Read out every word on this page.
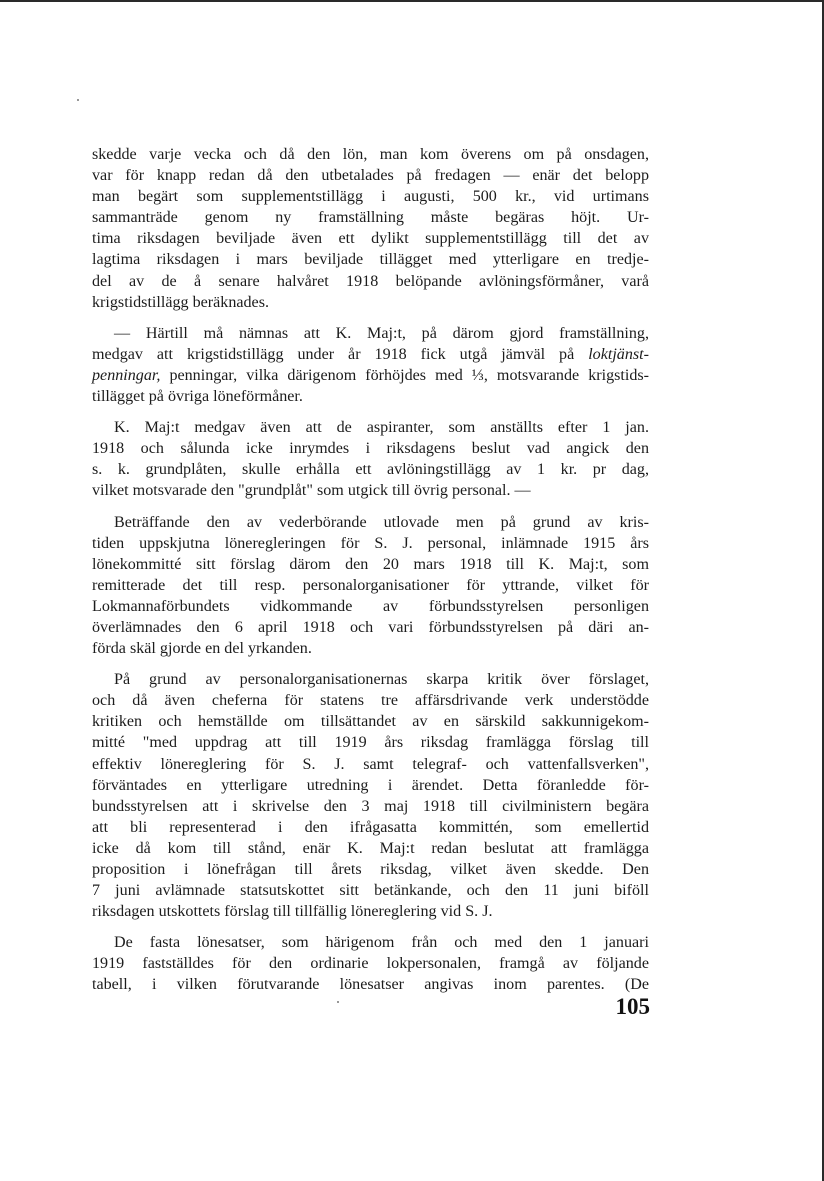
skedde varje vecka och då den lön, man kom överens om på onsdagen,
var för knapp redan då den utbetalades på fredagen — enär det belopp
man begärt som supplementstillägg i augusti, 500 kr., vid urtimans
sammanträde genom ny framställning måste begäras höjt. Ur-
tima riksdagen beviljade även ett dylikt supplementstillägg till det av
lagtima riksdagen i mars beviljade tillägget med ytterligare en tredje-
del av de å senare halvåret 1918 belöpande avlöningsförmåner, varå
krigstidstillägg beräknades.
— Härtill må nämnas att K. Maj:t, på därom gjord framställning,
medgav att krigstidstillägg under år 1918 fick utgå jämväl på loktjänst-
penningar, penningar, vilka därigenom förhöjdes med ⅓, motsvarande krigstids-
tillägget på övriga löneförmåner.
K. Maj:t medgav även att de aspiranter, som anställts efter 1 jan.
1918 och sålunda icke inrymdes i riksdagens beslut vad angick den
s. k. grundplåten, skulle erhålla ett avlöningstillägg av 1 kr. pr dag,
vilket motsvarade den "grundplåt" som utgick till övrig personal. —
Beträffande den av vederbörande utlovade men på grund av kris-
tiden uppskjutna löneregleringen för S. J. personal, inlämnade 1915 års
lönekommitté sitt förslag därom den 20 mars 1918 till K. Maj:t, som
remitterade det till resp. personalorganisationer för yttrande, vilket för
Lokmannaförbundets vidkommande av förbundsstyrelsen personligen
överlämnades den 6 april 1918 och vari förbundsstyrelsen på däri an-
förda skäl gjorde en del yrkanden.
På grund av personalorganisationernas skarpa kritik över förslaget,
och då även cheferna för statens tre affärsdrivande verk understödde
kritiken och hemställde om tillsättandet av en särskild sakkunnigekom-
mitté "med uppdrag att till 1919 års riksdag framlägga förslag till
effektiv lönereglering för S. J. samt telegraf- och vattenfallsverken",
förväntades en ytterligare utredning i ärendet. Detta föranledde för-
bundsstyrelsen att i skrivelse den 3 maj 1918 till civilministern begära
att bli representerad i den ifrågasatta kommittén, som emellertid
icke då kom till stånd, enär K. Maj:t redan beslutat att framlägga
proposition i lönefrågan till årets riksdag, vilket även skedde. Den
7 juni avlämnade statsutskottet sitt betänkande, och den 11 juni biföll
riksdagen utskottets förslag till tillfällig lönereglering vid S. J.
De fasta lönesatser, som härigenom från och med den 1 januari
1919 fastställdes för den ordinarie lokpersonalen, framgå av följande
tabell, i vilken förutvarande lönesatser angivas inom parentes. (De
105
